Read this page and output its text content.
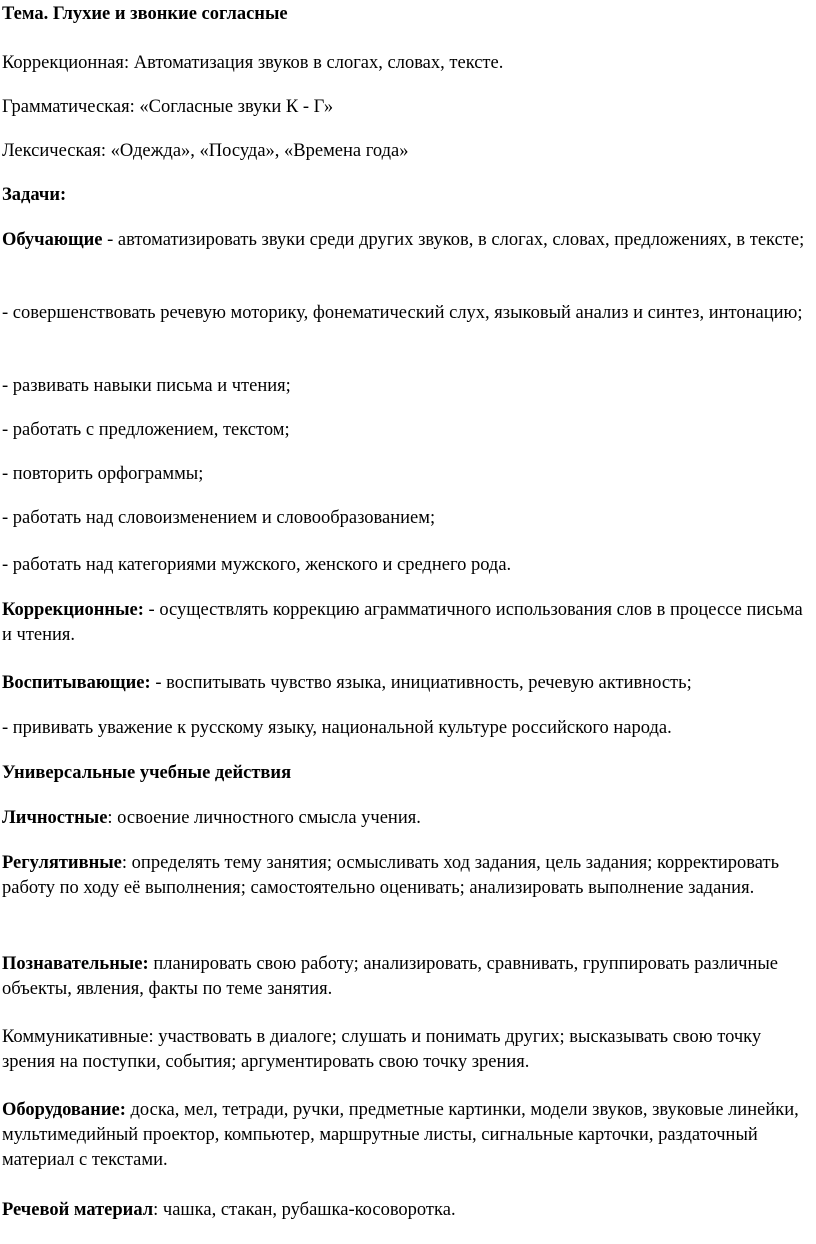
Тема. Глухие и звонкие согласные
Коррекционная: Автоматизация звуков в слогах, словах, тексте.
Грамматическая: «Согласные звуки К - Г»
Лексическая: «Одежда», «Посуда», «Времена года»
Задачи:
Обучающие - автоматизировать звуки среди других звуков, в слогах, словах, предложениях, в тексте;
- совершенствовать речевую моторику, фонематический слух, языковый анализ и синтез, интонацию;
- развивать навыки письма и чтения;
- работать с предложением, текстом;
- повторить орфограммы;
- работать над словоизменением и словообразованием;
- работать над категориями мужского, женского и среднего рода.
Коррекционные: - осуществлять коррекцию аграмматичного использования слов в процессе письма и чтения.
Воспитывающие: - воспитывать чувство языка, инициативность, речевую активность;
- прививать уважение к русскому языку, национальной культуре российского народа.
Универсальные учебные действия
Личностные: освоение личностного смысла учения.
Регулятивные: определять тему занятия; осмысливать ход задания, цель задания; корректировать работу по ходу её выполнения; самостоятельно оценивать; анализировать выполнение задания.
Познавательные: планировать свою работу; анализировать, сравнивать, группировать различные объекты, явления, факты по теме занятия.
Коммуникативные: участвовать в диалоге; слушать и понимать других; высказывать свою точку зрения на поступки, события; аргументировать свою точку зрения.
Оборудование: доска, мел, тетради, ручки, предметные картинки, модели звуков, звуковые линейки, мультимедийный проектор, компьютер, маршрутные листы, сигнальные карточки, раздаточный материал с текстами.
Речевой материал: чашка, стакан, рубашка-косоворотка.
